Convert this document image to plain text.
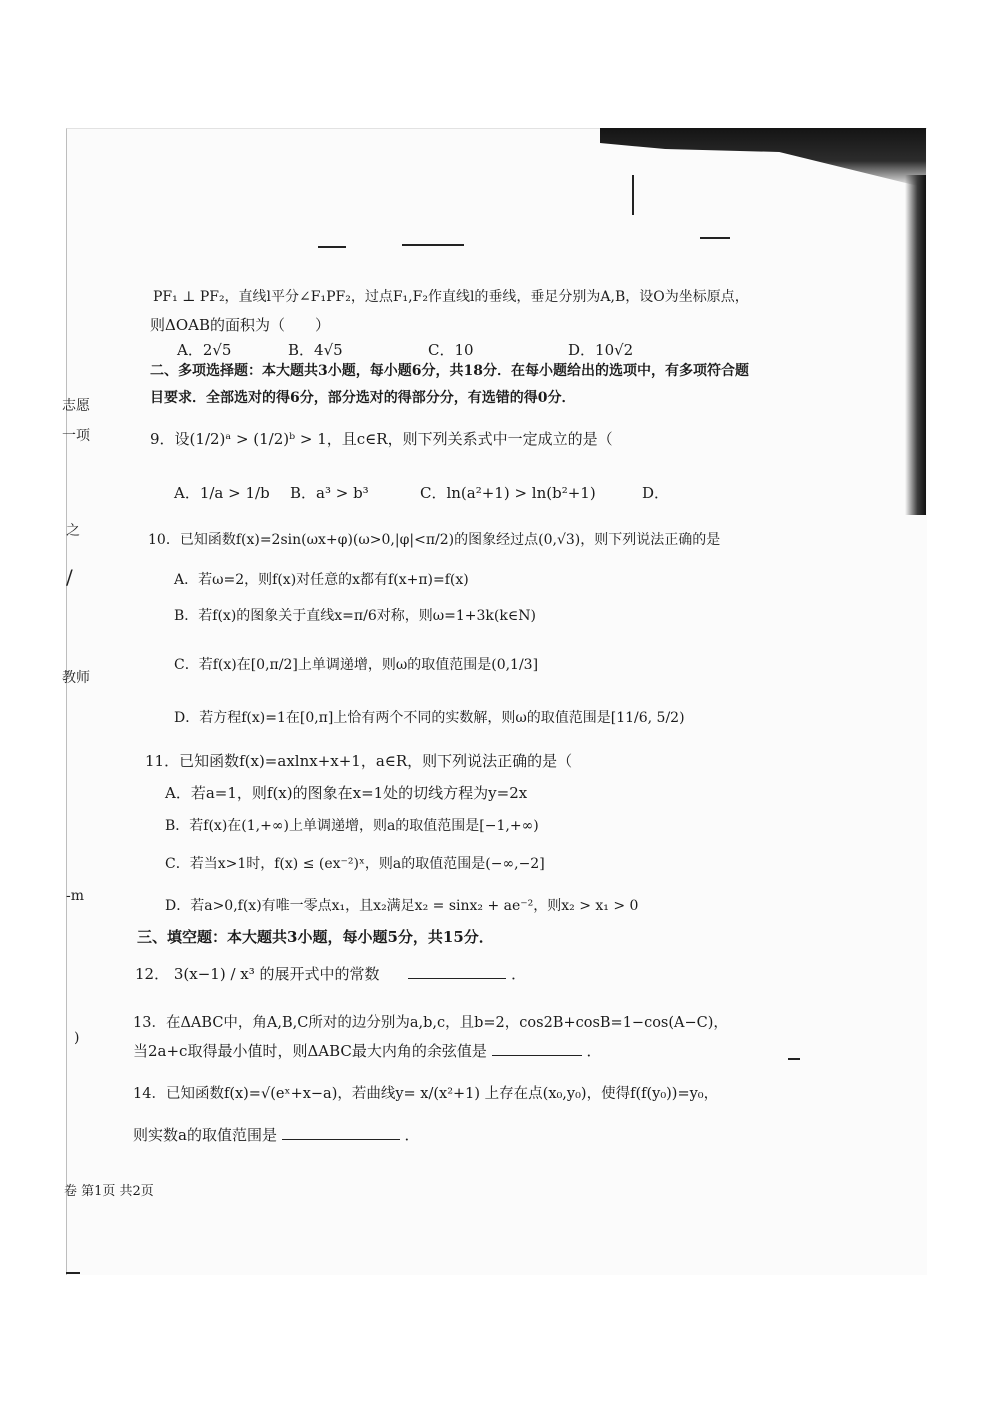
志愿
一项
之
/
教师
-m
)
PF₁ ⊥ PF₂，直线l平分∠F₁PF₂，过点F₁,F₂作直线l的垂线，垂足分别为A,B，设O为坐标原点，
则ΔOAB的面积为（　　）
A．2√5	B．4√5	C．10	D．10√2
二、多项选择题：本大题共3小题，每小题6分，共18分．在每小题给出的选项中，有多项符合题
目要求．全部选对的得6分，部分选对的得部分分，有选错的得0分．
9．设(1/2)ᵃ > (1/2)ᵇ > 1，且c∈R，则下列关系式中一定成立的是（
A．1/a > 1/b B．a³ > b³	C．ln(a²+1) > ln(b²+1)	D．
10．已知函数f(x)=2sin(ωx+φ)(ω>0,|φ|<π/2)的图象经过点(0,√3)，则下列说法正确的是
A．若ω=2，则f(x)对任意的x都有f(x+π)=f(x)
B．若f(x)的图象关于直线x=π/6对称，则ω=1+3k(k∈N)
C．若f(x)在[0,π/2]上单调递增，则ω的取值范围是(0,1/3]
D．若方程f(x)=1在[0,π]上恰有两个不同的实数解，则ω的取值范围是[11/6, 5/2)
11．已知函数f(x)=axlnx+x+1，a∈R，则下列说法正确的是（
A．若a=1，则f(x)的图象在x=1处的切线方程为y=2x
B．若f(x)在(1,+∞)上单调递增，则a的取值范围是[−1,+∞)
C．若当x>1时，f(x) ≤ (ex⁻²)ˣ，则a的取值范围是(−∞,−2]
D．若a>0,f(x)有唯一零点x₁，且x₂满足x₂ = sinx₂ + ae⁻²，则x₂ > x₁ > 0
三、填空题：本大题共3小题，每小题5分，共15分．
12． 3(x−1) / x³ 的展开式中的常数	．
13．在ΔABC中，角A,B,C所对的边分别为a,b,c，且b=2，cos2B+cosB=1−cos(A−C)，
当2a+c取得最小值时，则ΔABC最大内角的余弦值是	．
14．已知函数f(x)=√(eˣ+x−a)，若曲线y= x/(x²+1) 上存在点(x₀,y₀)，使得f(f(y₀))=y₀，
则实数a的取值范围是	．
卷 第1页 共2页
